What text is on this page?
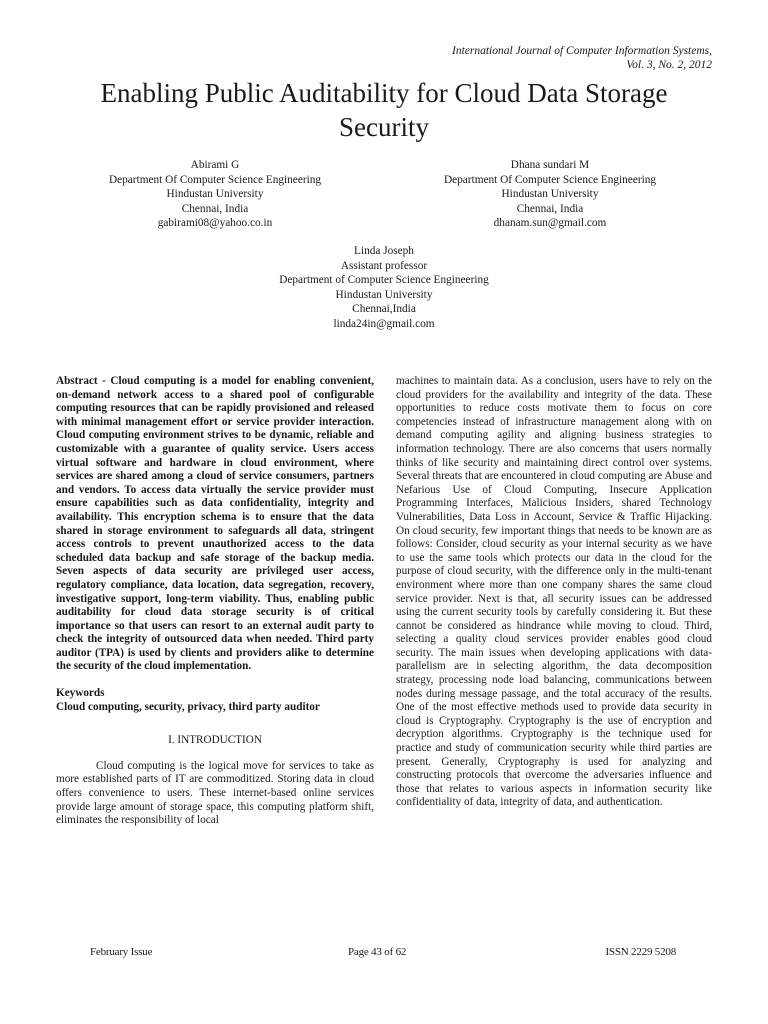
International Journal of Computer Information Systems,
Vol. 3, No. 2, 2012
Enabling Public Auditability for Cloud Data Storage
Security
Abirami G
Department Of Computer Science Engineering
Hindustan University
Chennai, India
gabirami08@yahoo.co.in
Dhana sundari M
Department Of Computer Science Engineering
Hindustan University
Chennai, India
dhanam.sun@gmail.com
Linda Joseph
Assistant professor
Department of Computer Science Engineering
Hindustan University
Chennai,India
linda24in@gmail.com

Abstract - Cloud computing is a model for enabling convenient, on-demand network access to a shared pool of configurable computing resources that can be rapidly provisioned and released with minimal management effort or service provider interaction. Cloud computing environment strives to be dynamic, reliable and customizable with a guarantee of quality service. Users access virtual software and hardware in cloud environment, where services are shared among a cloud of service consumers, partners and vendors. To access data virtually the service provider must ensure capabilities such as data confidentiality, integrity and availability. This encryption schema is to ensure that the data shared in storage environment to safeguards all data, stringent access controls to prevent unauthorized access to the data scheduled data backup and safe storage of the backup media. Seven aspects of data security are privileged user access, regulatory compliance, data location, data segregation, recovery, investigative support, long-term viability. Thus, enabling public auditability for cloud data storage security is of critical importance so that users can resort to an external audit party to check the integrity of outsourced data when needed. Third party auditor (TPA) is used by clients and providers alike to determine the security of the cloud implementation.

Keywords

Cloud computing, security, privacy, third party auditor

I. INTRODUCTION

Cloud computing is the logical move for services to take as more established parts of IT are commoditized. Storing data in cloud offers convenience to users. These internet-based online services provide large amount of storage space, this computing platform shift, eliminates the responsibility of local

machines to maintain data. As a conclusion, users have to rely on the cloud providers for the availability and integrity of the data. These opportunities to reduce costs motivate them to focus on core competencies instead of infrastructure management along with on demand computing agility and aligning business strategies to information technology. There are also concerns that users normally thinks of like security and maintaining direct control over systems. Several threats that are encountered in cloud computing are Abuse and Nefarious Use of Cloud Computing, Insecure Application Programming Interfaces, Malicious Insiders, shared Technology Vulnerabilities, Data Loss in Account, Service & Traffic Hijacking. On cloud security, few important things that needs to be known are as follows: Consider, cloud security as your internal security as we have to use the same tools which protects our data in the cloud for the purpose of cloud security, with the difference only in the multi-tenant environment where more than one company shares the same cloud service provider. Next is that, all security issues can be addressed using the current security tools by carefully considering it. But these cannot be considered as hindrance while moving to cloud. Third, selecting a quality cloud services provider enables good cloud security. The main issues when developing applications with data-parallelism are in selecting algorithm, the data decomposition strategy, processing node load balancing, communications between nodes during message passage, and the total accuracy of the results. One of the most effective methods used to provide data security in cloud is Cryptography. Cryptography is the use of encryption and decryption algorithms. Cryptography is the technique used for practice and study of communication security while third parties are present. Generally, Cryptography is used for analyzing and constructing protocols that overcome the adversaries influence and those that relates to various aspects in information security like confidentiality of data, integrity of data, and authentication.

February Issue	Page 43 of 62	ISSN 2229 5208
